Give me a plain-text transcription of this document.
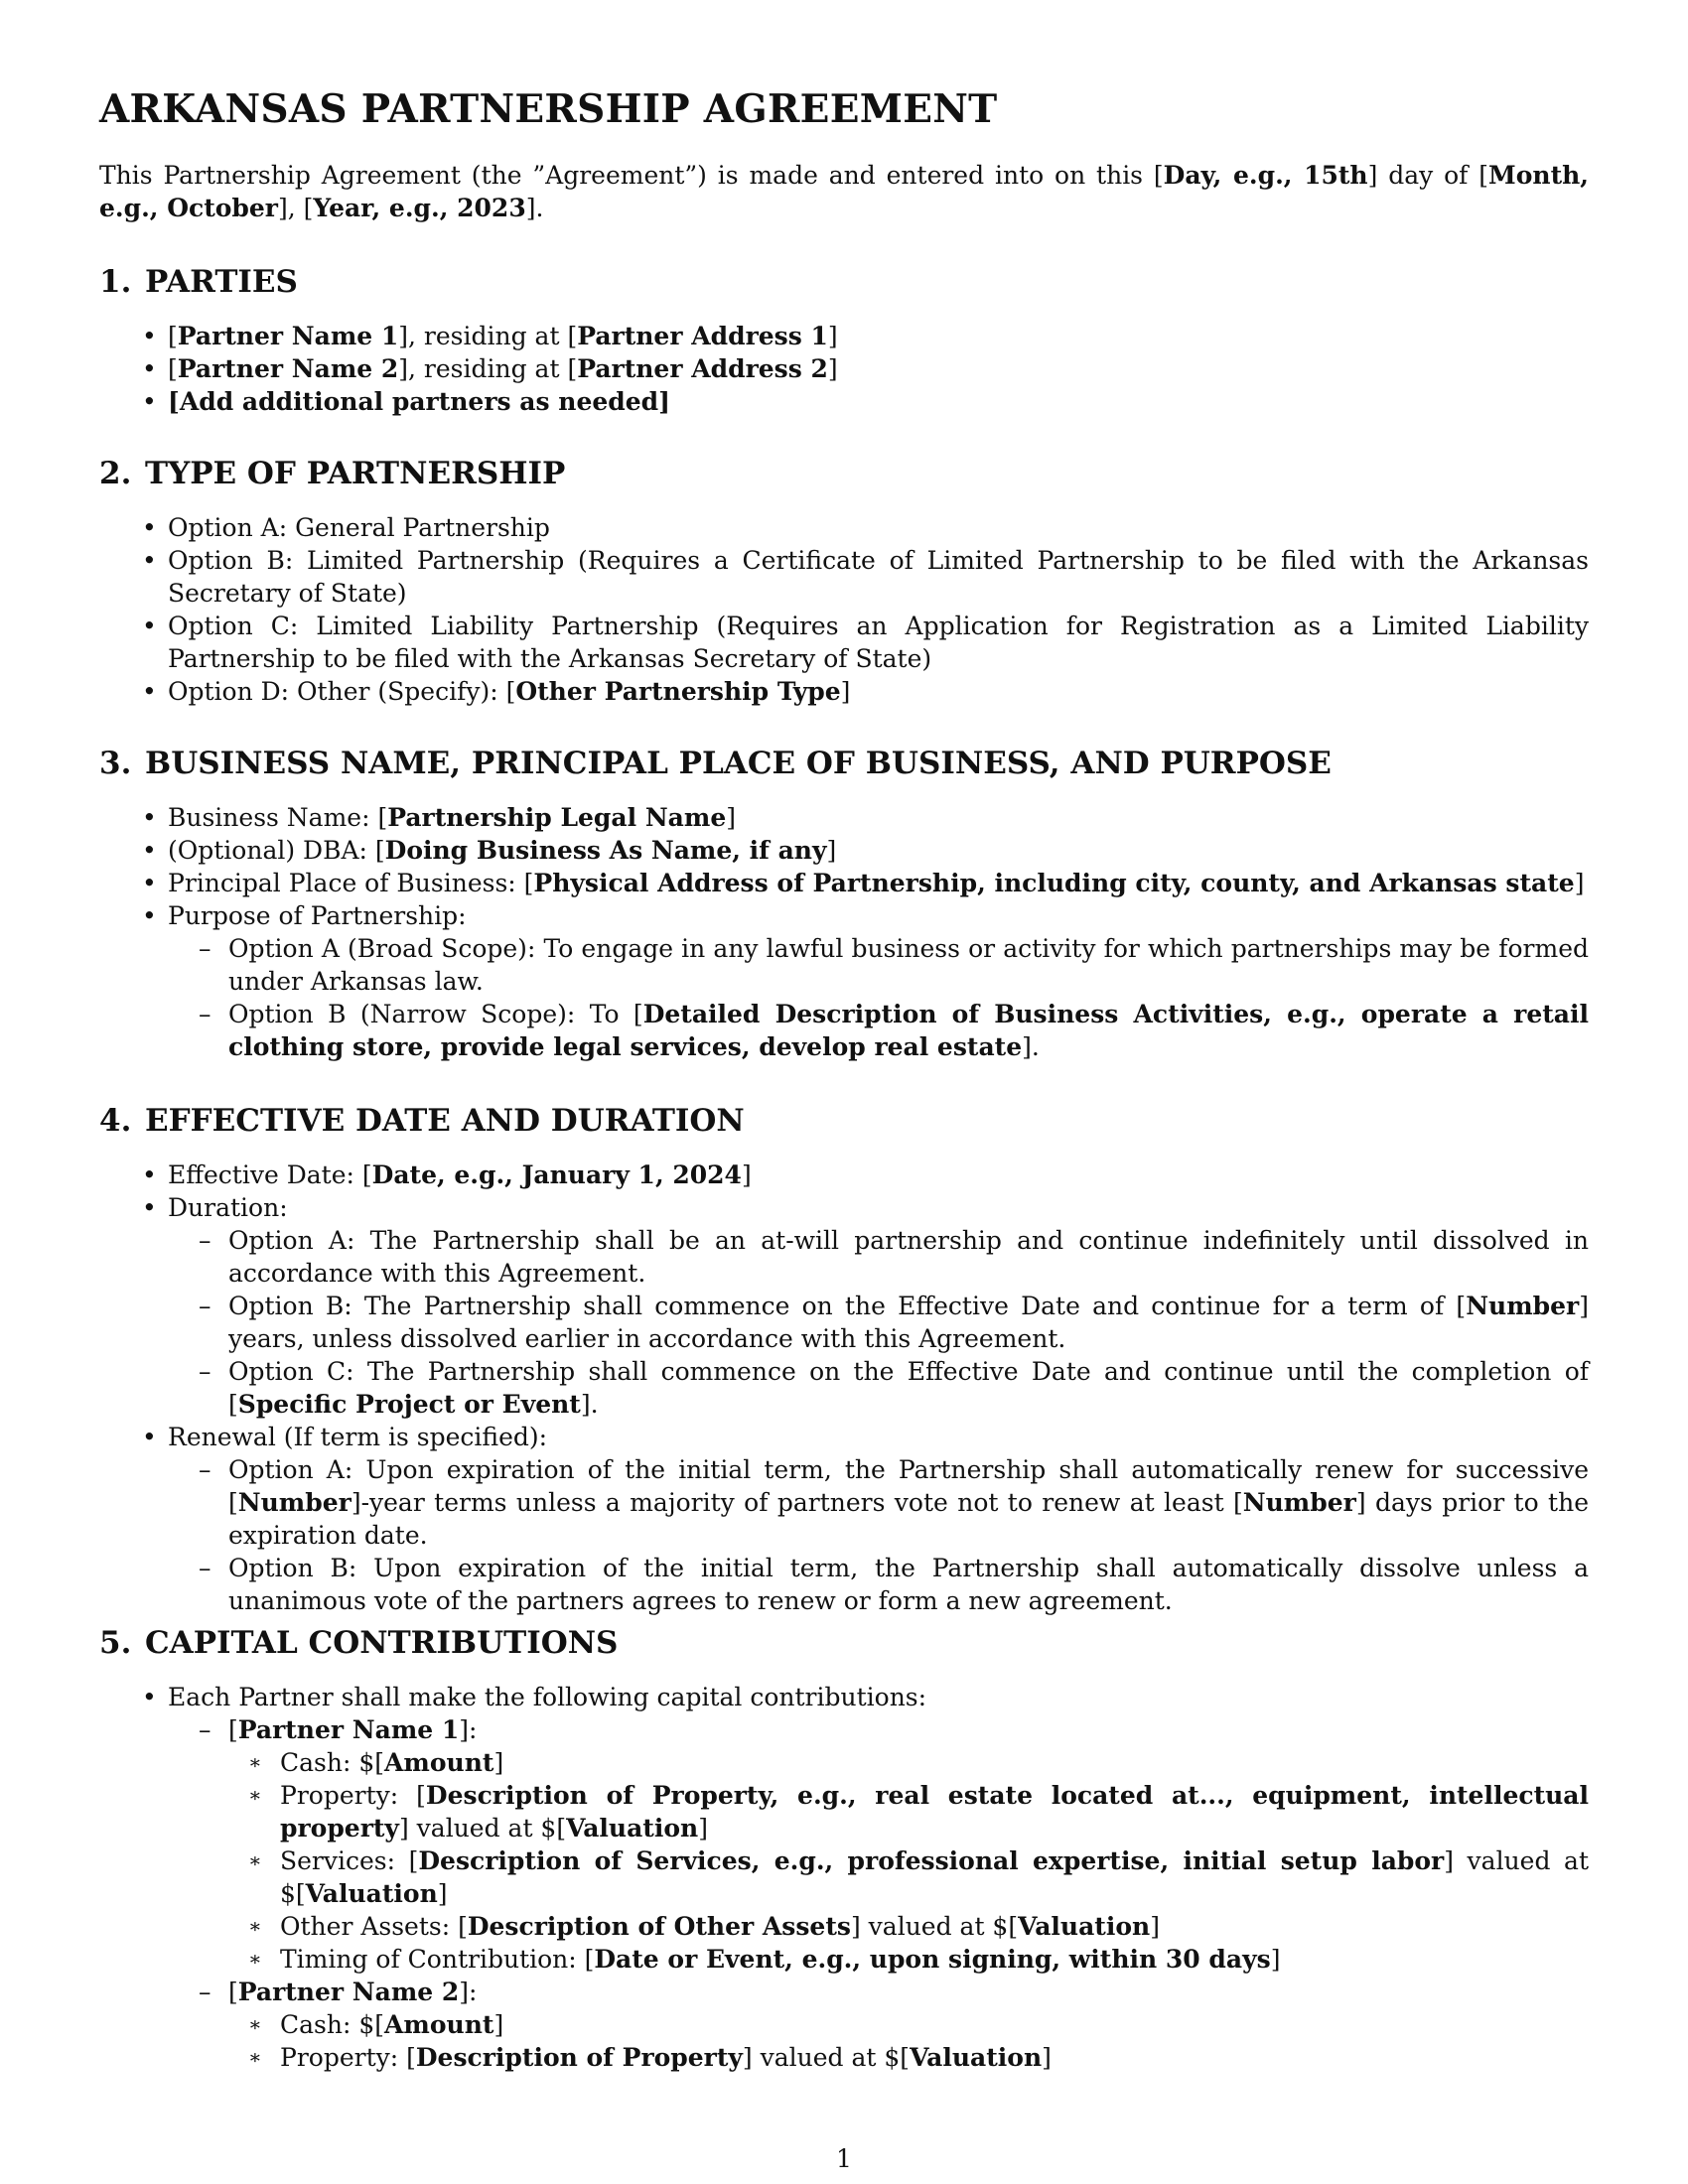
ARKANSAS PARTNERSHIP AGREEMENT

This Partnership Agreement (the ”Agreement”) is made and entered into on this [Day, e.g., 15th] day of [Month, e.g., October], [Year, e.g., 2023].

1. PARTIES
• [Partner Name 1], residing at [Partner Address 1]
• [Partner Name 2], residing at [Partner Address 2]
• [Add additional partners as needed]
2. TYPE OF PARTNERSHIP
• Option A: General Partnership
• Option B: Limited Partnership (Requires a Certificate of Limited Partnership to be filed with the Arkansas Secretary of State)
• Option C: Limited Liability Partnership (Requires an Application for Registration as a Limited Liability Partnership to be filed with the Arkansas Secretary of State)
• Option D: Other (Specify): [Other Partnership Type]
3. BUSINESS NAME, PRINCIPAL PLACE OF BUSINESS, AND PURPOSE
• Business Name: [Partnership Legal Name]
• (Optional) DBA: [Doing Business As Name, if any]
• Principal Place of Business: [Physical Address of Partnership, including city, county, and Arkansas state]
• Purpose of Partnership:
– Option A (Broad Scope): To engage in any lawful business or activity for which partnerships may be formed under Arkansas law.
– Option B (Narrow Scope): To [Detailed Description of Business Activities, e.g., operate a retail clothing store, provide legal services, develop real estate].
4. EFFECTIVE DATE AND DURATION
• Effective Date: [Date, e.g., January 1, 2024]
• Duration:
– Option A: The Partnership shall be an at-will partnership and continue indefinitely until dissolved in accordance with this Agreement.
– Option B: The Partnership shall commence on the Effective Date and continue for a term of [Number] years, unless dissolved earlier in accordance with this Agreement.
– Option C: The Partnership shall commence on the Effective Date and continue until the completion of [Specific Project or Event].
• Renewal (If term is specified):
– Option A: Upon expiration of the initial term, the Partnership shall automatically renew for successive [Number]-year terms unless a majority of partners vote not to renew at least [Number] days prior to the expiration date.
– Option B: Upon expiration of the initial term, the Partnership shall automatically dissolve unless a unanimous vote of the partners agrees to renew or form a new agreement.
5. CAPITAL CONTRIBUTIONS
• Each Partner shall make the following capital contributions:
– [Partner Name 1]:
∗ Cash: $[Amount]
∗ Property: [Description of Property, e.g., real estate located at..., equipment, intellectual property] valued at $[Valuation]
∗ Services: [Description of Services, e.g., professional expertise, initial setup labor] valued at $[Valuation]
∗ Other Assets: [Description of Other Assets] valued at $[Valuation]
∗ Timing of Contribution: [Date or Event, e.g., upon signing, within 30 days]
– [Partner Name 2]:
∗ Cash: $[Amount]
∗ Property: [Description of Property] valued at $[Valuation]
1
